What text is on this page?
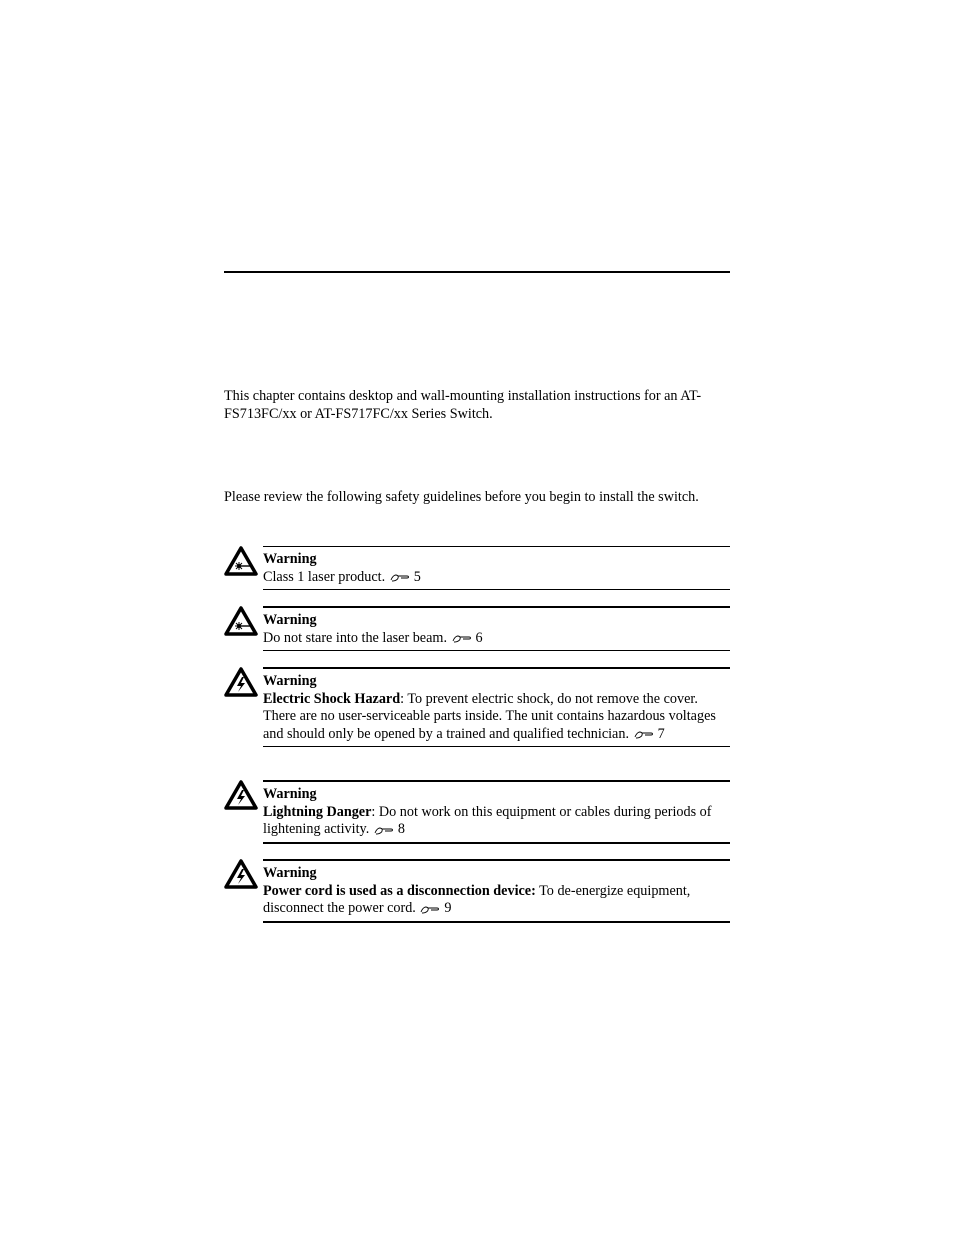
This chapter contains desktop and wall-mounting installation instructions for an AT-FS713FC/xx or AT-FS717FC/xx Series Switch.

Please review the following safety guidelines before you begin to install the switch.

Warning
Class 1 laser product. 5
Warning
Do not stare into the laser beam. 6
Warning
Electric Shock Hazard: To prevent electric shock, do not remove the cover. There are no user-serviceable parts inside. The unit contains hazardous voltages and should only be opened by a trained and qualified technician. 7
Warning
Lightning Danger: Do not work on this equipment or cables during periods of lightening activity. 8
Warning
Power cord is used as a disconnection device: To de-energize equipment, disconnect the power cord. 9
